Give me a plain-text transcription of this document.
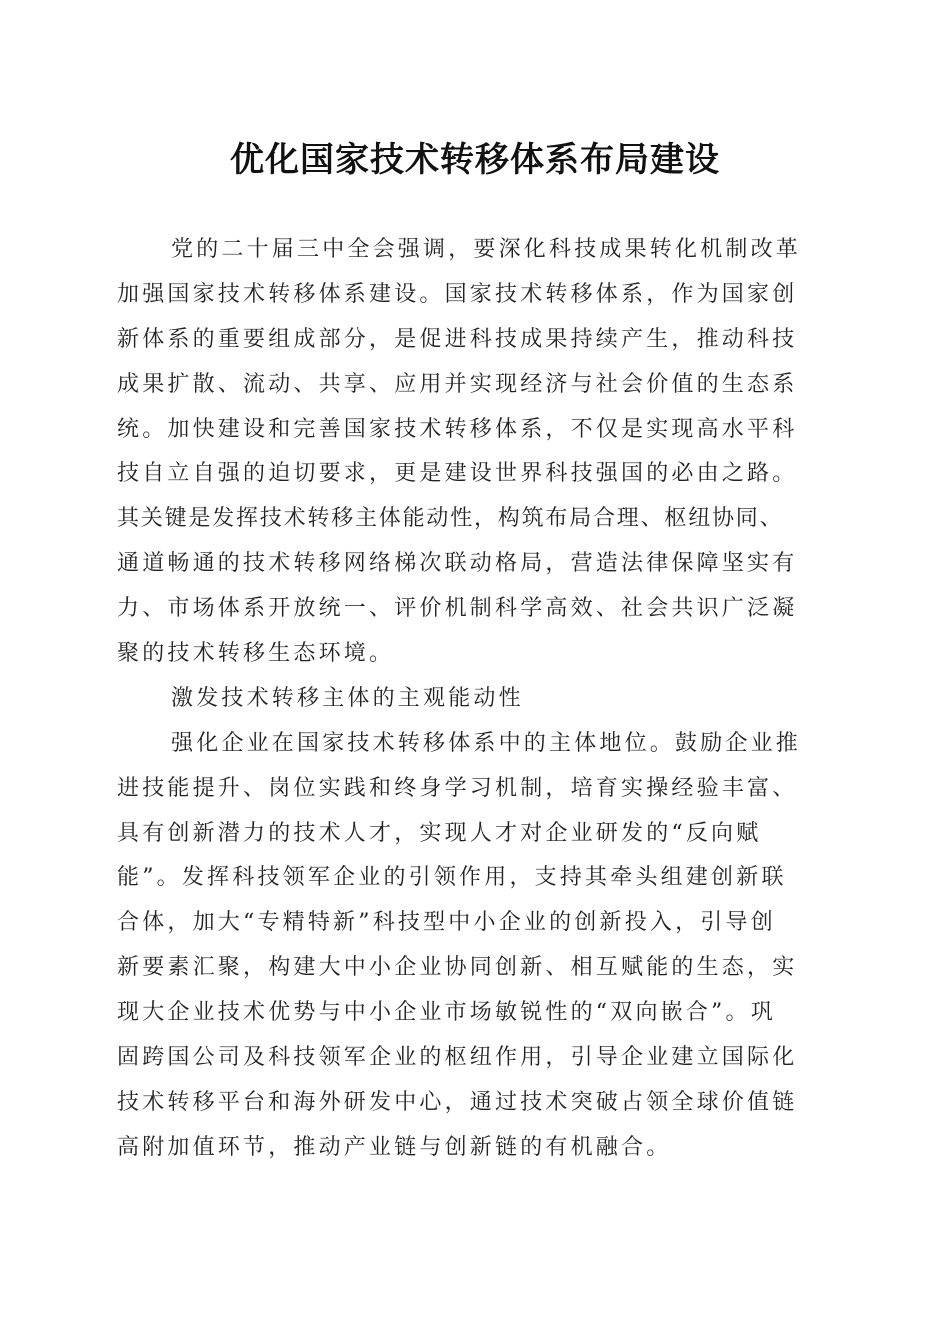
优化国家技术转移体系布局建设
党的二十届三中全会强调，要深化科技成果转化机制改革
加强国家技术转移体系建设。国家技术转移体系，作为国家创
新体系的重要组成部分，是促进科技成果持续产生，推动科技
成果扩散、流动、共享、应用并实现经济与社会价值的生态系
统。加快建设和完善国家技术转移体系，不仅是实现高水平科
技自立自强的迫切要求，更是建设世界科技强国的必由之路。
其关键是发挥技术转移主体能动性，构筑布局合理、枢纽协同、
通道畅通的技术转移网络梯次联动格局，营造法律保障坚实有
力、市场体系开放统一、评价机制科学高效、社会共识广泛凝
聚的技术转移生态环境。
激发技术转移主体的主观能动性
强化企业在国家技术转移体系中的主体地位。鼓励企业推
进技能提升、岗位实践和终身学习机制，培育实操经验丰富、
具有创新潜力的技术人才，实现人才对企业研发的“反向赋
能”。发挥科技领军企业的引领作用，支持其牵头组建创新联
合体，加大“专精特新”科技型中小企业的创新投入，引导创
新要素汇聚，构建大中小企业协同创新、相互赋能的生态，实
现大企业技术优势与中小企业市场敏锐性的“双向嵌合”。巩
固跨国公司及科技领军企业的枢纽作用，引导企业建立国际化
技术转移平台和海外研发中心，通过技术突破占领全球价值链
高附加值环节，推动产业链与创新链的有机融合。
